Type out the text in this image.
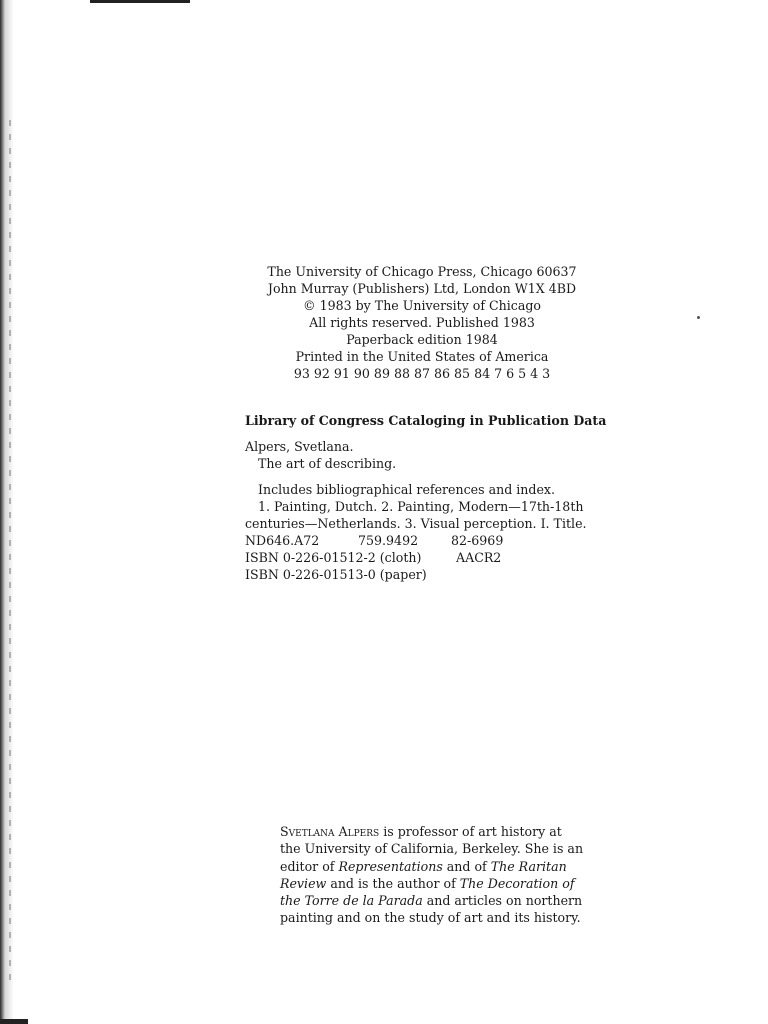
The University of Chicago Press, Chicago 60637
John Murray (Publishers) Ltd, London W1X 4BD
© 1983 by The University of Chicago
All rights reserved. Published 1983
Paperback edition 1984
Printed in the United States of America
93 92 91 90 89 88 87 86 85 84 7 6 5 4 3
Library of Congress Cataloging in Publication Data
Alpers, Svetlana.
The art of describing.
Includes bibliographical references and index.
1. Painting, Dutch. 2. Painting, Modern—17th-18th
centuries—Netherlands. 3. Visual perception. I. Title.
ND646.A72	759.9492	82-6969
ISBN 0-226-01512-2 (cloth)	AACR2
ISBN 0-226-01513-0 (paper)
Svetlana Alpers is professor of art history at
the University of California, Berkeley. She is an
editor of Representations and of The Raritan
Review and is the author of The Decoration of
the Torre de la Parada and articles on northern
painting and on the study of art and its history.
